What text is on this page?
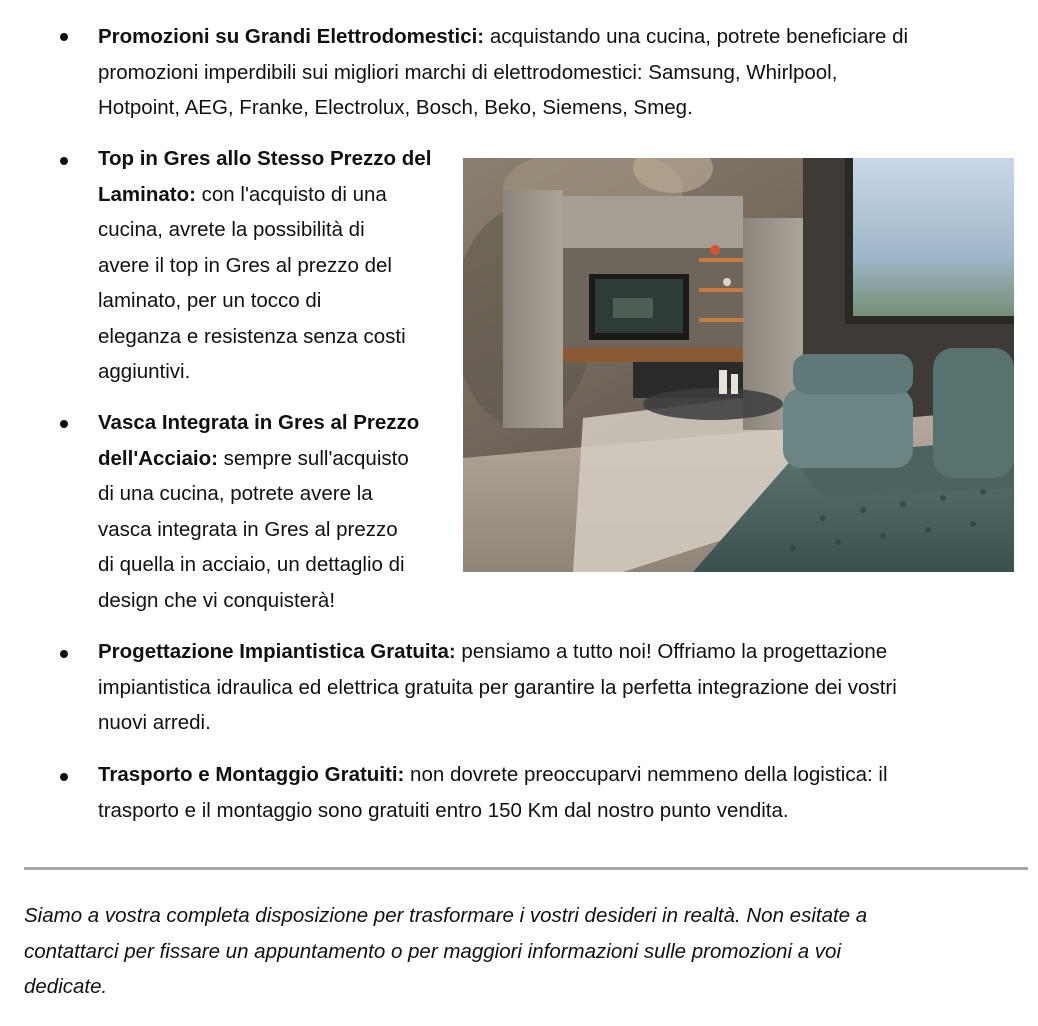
Promozioni su Grandi Elettrodomestici: acquistando una cucina, potrete beneficiare di
promozioni imperdibili sui migliori marchi di elettrodomestici: Samsung, Whirlpool,
Hotpoint, AEG, Franke, Electrolux, Bosch, Beko, Siemens, Smeg.
Top in Gres allo Stesso Prezzo del
Laminato: con l'acquisto di una
cucina, avrete la possibilità di
avere il top in Gres al prezzo del
laminato, per un tocco di
eleganza e resistenza senza costi
aggiuntivi.
Vasca Integrata in Gres al Prezzo
dell'Acciaio: sempre sull'acquisto
di una cucina, potrete avere la
vasca integrata in Gres al prezzo
di quella in acciaio, un dettaglio di
design che vi conquisterà!
Progettazione Impiantistica Gratuita: pensiamo a tutto noi! Offriamo la progettazione
impiantistica idraulica ed elettrica gratuita per garantire la perfetta integrazione dei vostri
nuovi arredi.
Trasporto e Montaggio Gratuiti: non dovrete preoccuparvi nemmeno della logistica: il
trasporto e il montaggio sono gratuiti entro 150 Km dal nostro punto vendita.
Siamo a vostra completa disposizione per trasformare i vostri desideri in realtà. Non esitate a
contattarci per fissare un appuntamento o per maggiori informazioni sulle promozioni a voi
dedicate.
